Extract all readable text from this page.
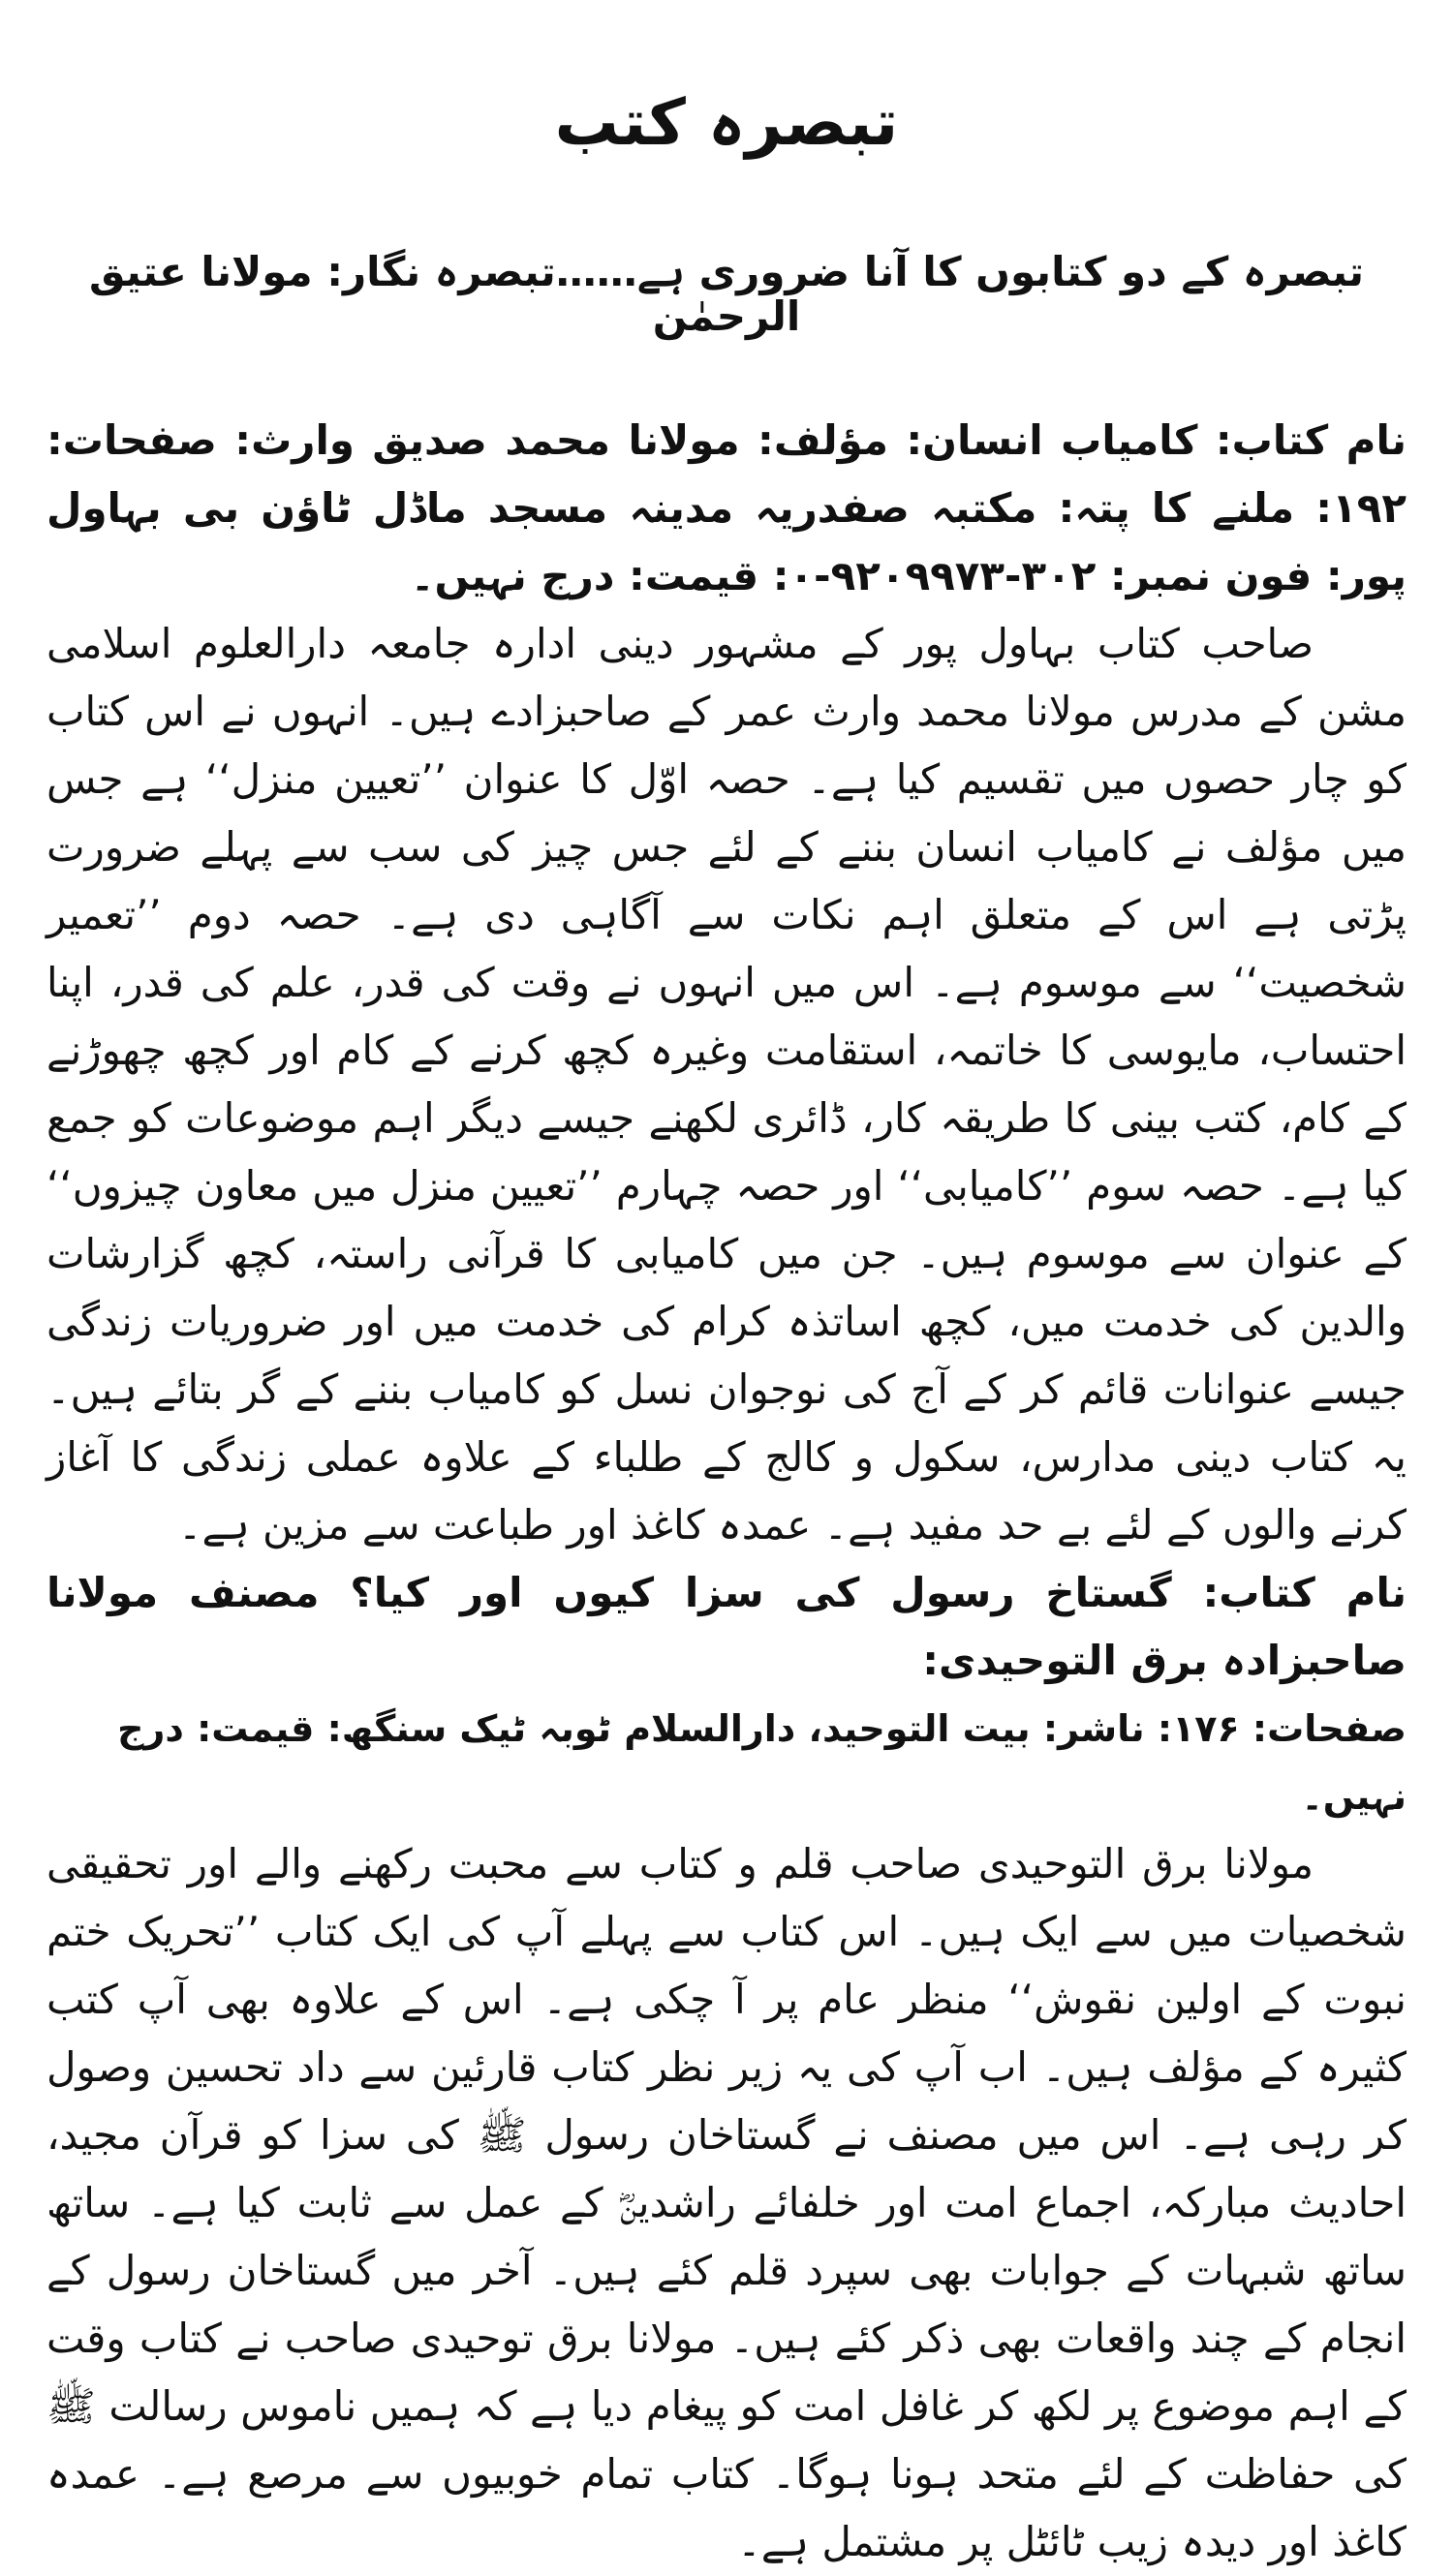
تبصرہ کتب
تبصرہ کے دو کتابوں کا آنا ضروری ہے……تبصرہ نگار: مولانا عتیق الرحمٰن

نام کتاب: کامیاب انسان: مؤلف: مولانا محمد صدیق وارث: صفحات: ۱۹۲: ملنے کا پتہ: مکتبہ صفدریہ مدینہ مسجد ماڈل ٹاؤن بی بہاول پور: فون نمبر: ۳۰۲-۹۲۰۹۹۷۳-۰: قیمت: درج نہیں۔

صاحب کتاب بہاول پور کے مشہور دینی ادارہ جامعہ دارالعلوم اسلامی مشن کے مدرس مولانا محمد وارث عمر کے صاحبزادے ہیں۔ انہوں نے اس کتاب کو چار حصوں میں تقسیم کیا ہے۔ حصہ اوّل کا عنوان ’’تعیین منزل‘‘ ہے جس میں مؤلف نے کامیاب انسان بننے کے لئے جس چیز کی سب سے پہلے ضرورت پڑتی ہے اس کے متعلق اہم نکات سے آگاہی دی ہے۔ حصہ دوم ’’تعمیر شخصیت‘‘ سے موسوم ہے۔ اس میں انہوں نے وقت کی قدر، علم کی قدر، اپنا احتساب، مایوسی کا خاتمہ، استقامت وغیرہ کچھ کرنے کے کام اور کچھ چھوڑنے کے کام، کتب بینی کا طریقہ کار، ڈائری لکھنے جیسے دیگر اہم موضوعات کو جمع کیا ہے۔ حصہ سوم ’’کامیابی‘‘ اور حصہ چہارم ’’تعیین منزل میں معاون چیزوں‘‘ کے عنوان سے موسوم ہیں۔ جن میں کامیابی کا قرآنی راستہ، کچھ گزارشات والدین کی خدمت میں، کچھ اساتذہ کرام کی خدمت میں اور ضروریات زندگی جیسے عنوانات قائم کر کے آج کی نوجوان نسل کو کامیاب بننے کے گر بتائے ہیں۔ یہ کتاب دینی مدارس، سکول و کالج کے طلباء کے علاوہ عملی زندگی کا آغاز کرنے والوں کے لئے بے حد مفید ہے۔ عمدہ کاغذ اور طباعت سے مزین ہے۔

نام کتاب: گستاخ رسول کی سزا کیوں اور کیا؟ مصنف مولانا صاحبزادہ برق التوحیدی:

صفحات: ۱۷۶: ناشر: بیت التوحید، دارالسلام ٹوبہ ٹیک سنگھ: قیمت: درج نہیں۔

مولانا برق التوحیدی صاحب قلم و کتاب سے محبت رکھنے والے اور تحقیقی شخصیات میں سے ایک ہیں۔ اس کتاب سے پہلے آپ کی ایک کتاب ’’تحریک ختم نبوت کے اولین نقوش‘‘ منظر عام پر آ چکی ہے۔ اس کے علاوہ بھی آپ کتب کثیرہ کے مؤلف ہیں۔ اب آپ کی یہ زیر نظر کتاب قارئین سے داد تحسین وصول کر رہی ہے۔ اس میں مصنف نے گستاخان رسول ﷺ کی سزا کو قرآن مجید، احادیث مبارکہ، اجماع امت اور خلفائے راشدینؓ کے عمل سے ثابت کیا ہے۔ ساتھ ساتھ شبہات کے جوابات بھی سپرد قلم کئے ہیں۔ آخر میں گستاخان رسول کے انجام کے چند واقعات بھی ذکر کئے ہیں۔ مولانا برق توحیدی صاحب نے کتاب وقت کے اہم موضوع پر لکھ کر غافل امت کو پیغام دیا ہے کہ ہمیں ناموس رسالت ﷺ کی حفاظت کے لئے متحد ہونا ہوگا۔ کتاب تمام خوبیوں سے مرصع ہے۔ عمدہ کاغذ اور دیدہ زیب ٹائٹل پر مشتمل ہے۔
